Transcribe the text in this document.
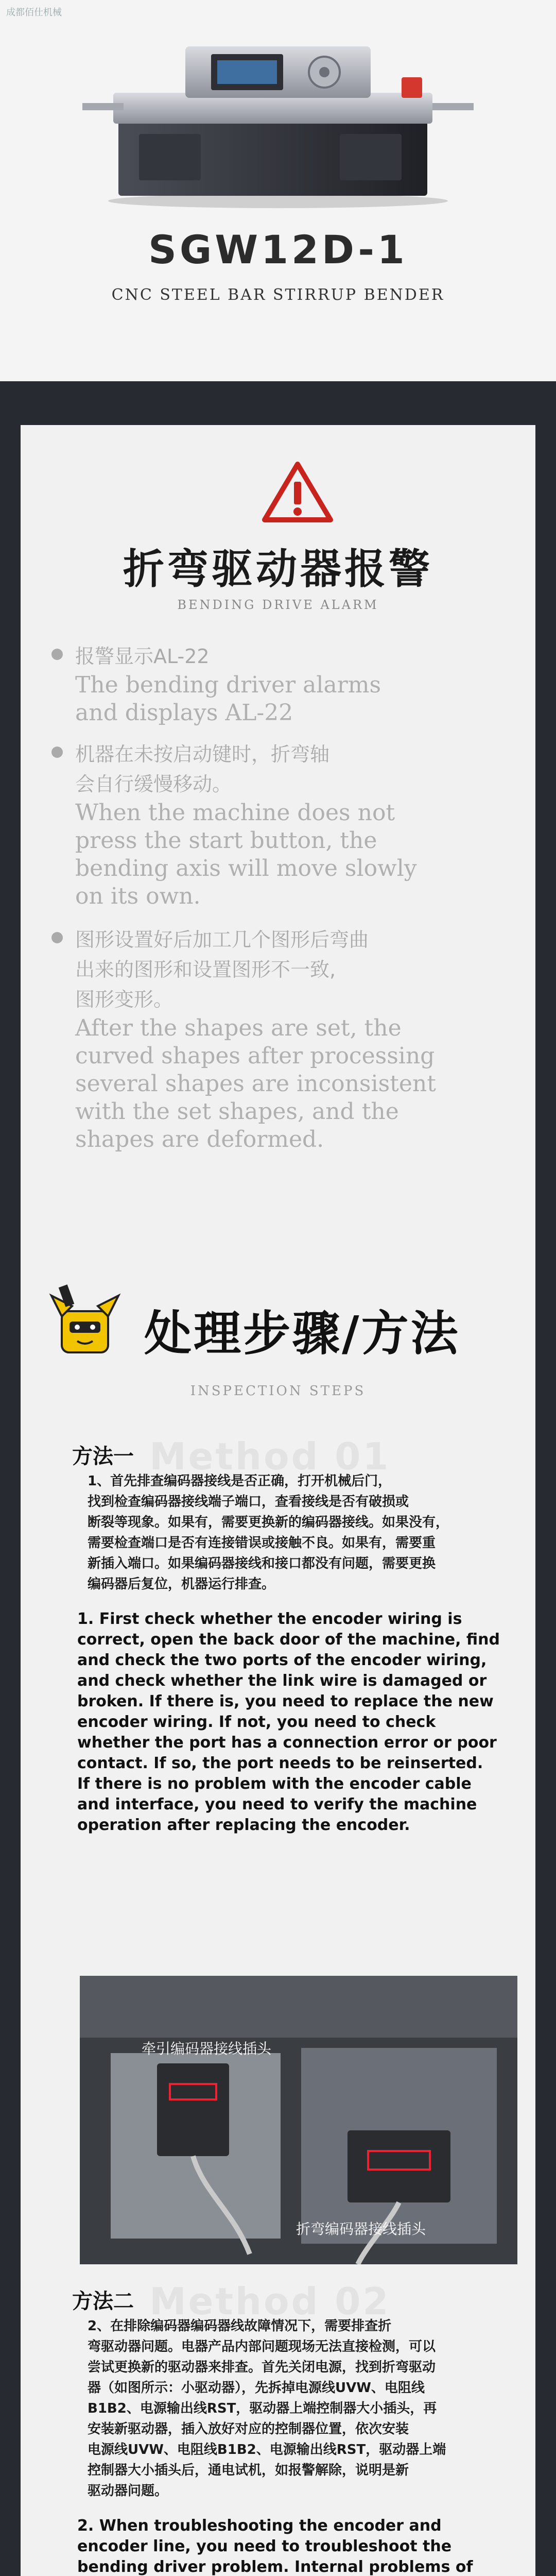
成都佰仕机械
SGW12D-1
CNC STEEL BAR STIRRUP BENDER
折弯驱动器报警
BENDING DRIVE ALARM
报警显示AL-22
The bending driver alarms
and displays AL-22
机器在未按启动键时，折弯轴
会自行缓慢移动。
When the machine does not
press the start button, the
bending axis will move slowly
on its own.
图形设置好后加工几个图形后弯曲
出来的图形和设置图形不一致,
图形变形。
After the shapes are set, the
curved shapes after processing
several shapes are inconsistent
with the set shapes, and the
shapes are deformed.
处理步骤/方法
INSPECTION STEPS
方法一 Method 01
1、首先排查编码器接线是否正确，打开机械后门，
找到检查编码器接线端子端口，查看接线是否有破损或
断裂等现象。如果有，需要更换新的编码器接线。如果没有，
需要检查端口是否有连接错误或接触不良。如果有，需要重
新插入端口。如果编码器接线和接口都没有问题，需要更换
编码器后复位，机器运行排查。
1. First check whether the encoder wiring is
correct, open the back door of the machine, find
and check the two ports of the encoder wiring,
and check whether the link wire is damaged or
broken. If there is, you need to replace the new
encoder wiring. If not, you need to check
whether the port has a connection error or poor
contact. If so, the port needs to be reinserted.
If there is no problem with the encoder cable
and interface, you need to verify the machine
operation after replacing the encoder.
牵引编码器接线插头
折弯编码器接线插头
方法二 Method 02
2、在排除编码器编码器线故障情况下，需要排查折
弯驱动器问题。电器产品内部问题现场无法直接检测，可以
尝试更换新的驱动器来排查。首先关闭电源，找到折弯驱动
器（如图所示：小驱动器），先拆掉电源线UVW、电阻线
B1B2、电源输出线RST，驱动器上端控制器大小插头，再
安装新驱动器，插入放好对应的控制器位置，依次安装
电源线UVW、电阻线B1B2、电源输出线RST，驱动器上端
控制器大小插头后，通电试机，如报警解除，说明是新
驱动器问题。
2. When troubleshooting the encoder and
encoder line, you need to troubleshoot the
bending driver problem. Internal problems of
